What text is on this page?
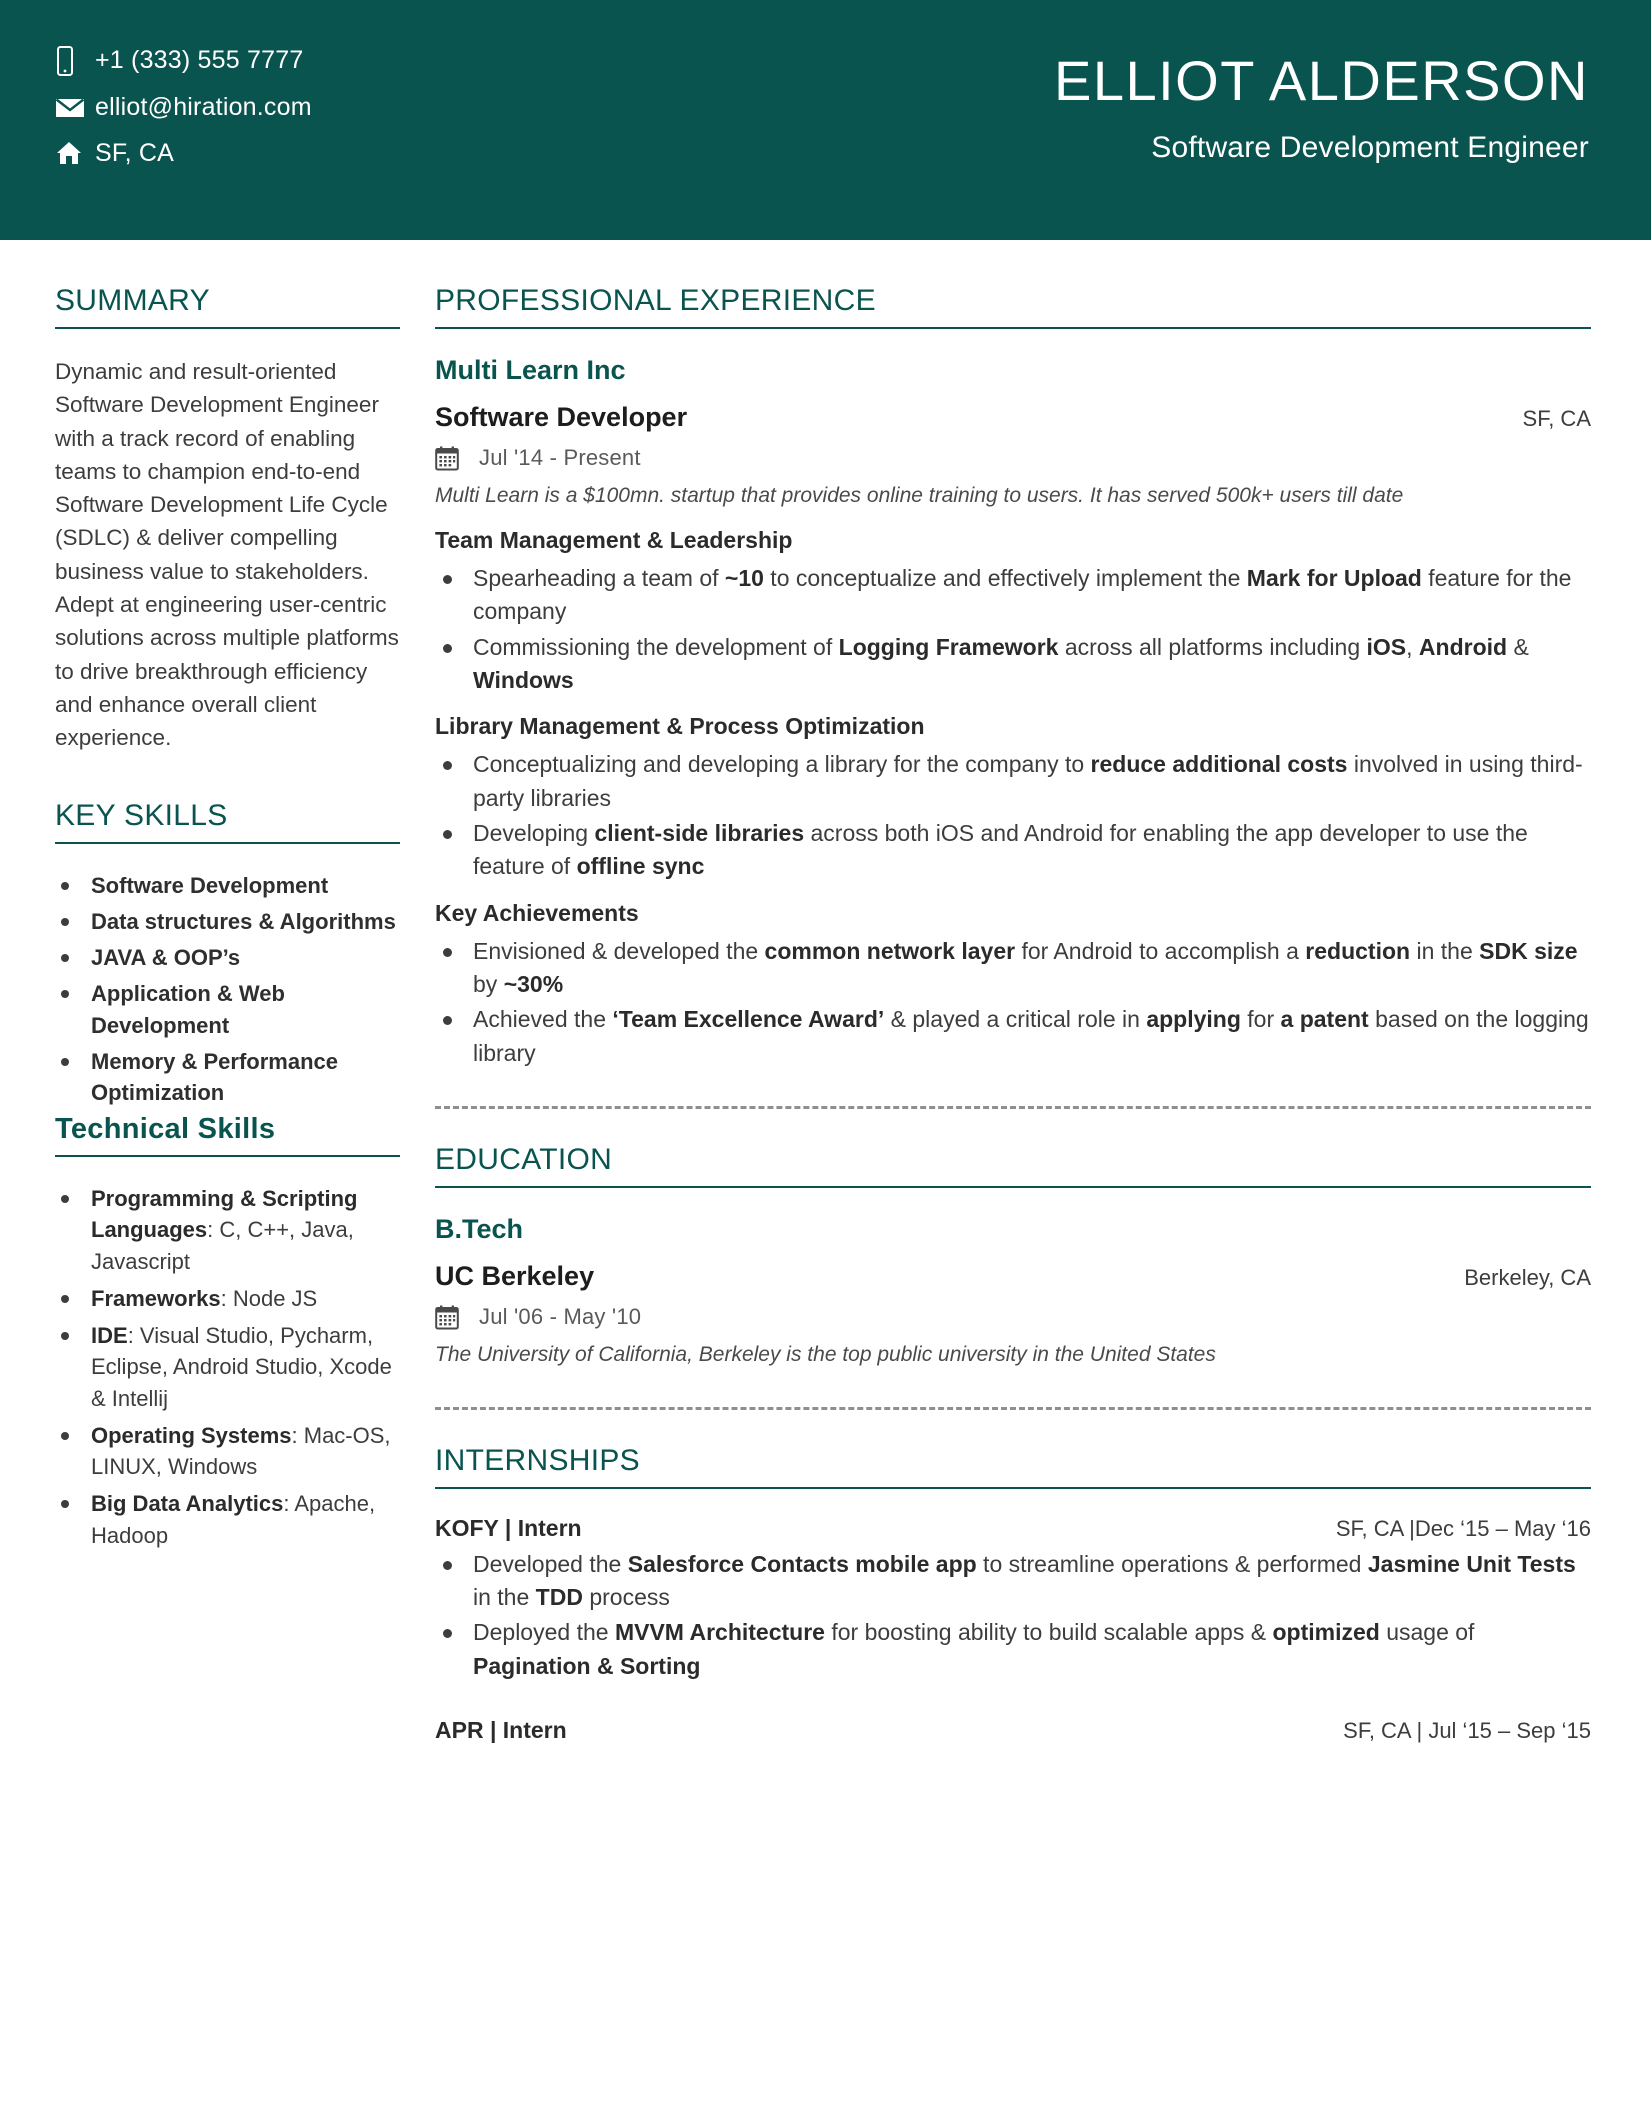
+1 (333) 555 7777
elliot@hiration.com
SF, CA
ELLIOT ALDERSON
Software Development Engineer
SUMMARY
Dynamic and result-oriented Software Development Engineer with a track record of enabling teams to champion end-to-end Software Development Life Cycle (SDLC) & deliver compelling business value to stakeholders. Adept at engineering user-centric solutions across multiple platforms to drive breakthrough efficiency and enhance overall client experience.
KEY SKILLS
Software Development
Data structures & Algorithms
JAVA & OOP’s
Application & Web Development
Memory & Performance Optimization
Technical Skills
Programming & Scripting Languages: C, C++, Java, Javascript
Frameworks: Node JS
IDE: Visual Studio, Pycharm, Eclipse, Android Studio, Xcode & Intellij
Operating Systems: Mac-OS, LINUX, Windows
Big Data Analytics: Apache, Hadoop
PROFESSIONAL EXPERIENCE
Multi Learn Inc
Software Developer	SF, CA
Jul '14 - Present
Multi Learn is a $100mn. startup that provides online training to users. It has served 500k+ users till date
Team Management & Leadership
Spearheading a team of ~10 to conceptualize and effectively implement the Mark for Upload feature for the company
Commissioning the development of Logging Framework across all platforms including iOS, Android & Windows
Library Management & Process Optimization
Conceptualizing and developing a library for the company to reduce additional costs involved in using third-party libraries
Developing client-side libraries across both iOS and Android for enabling the app developer to use the feature of offline sync
Key Achievements
Envisioned & developed the common network layer for Android to accomplish a reduction in the SDK size by ~30%
Achieved the ‘Team Excellence Award’ & played a critical role in applying for a patent based on the logging library
EDUCATION
B.Tech
UC Berkeley	Berkeley, CA
Jul '06 - May '10
The University of California, Berkeley is the top public university in the United States
INTERNSHIPS
KOFY | Intern	SF, CA |Dec ‘15 – May ‘16
Developed the Salesforce Contacts mobile app to streamline operations & performed Jasmine Unit Tests in the TDD process
Deployed the MVVM Architecture for boosting ability to build scalable apps & optimized usage of Pagination & Sorting
APR | Intern	SF, CA | Jul ‘15 – Sep ‘15
